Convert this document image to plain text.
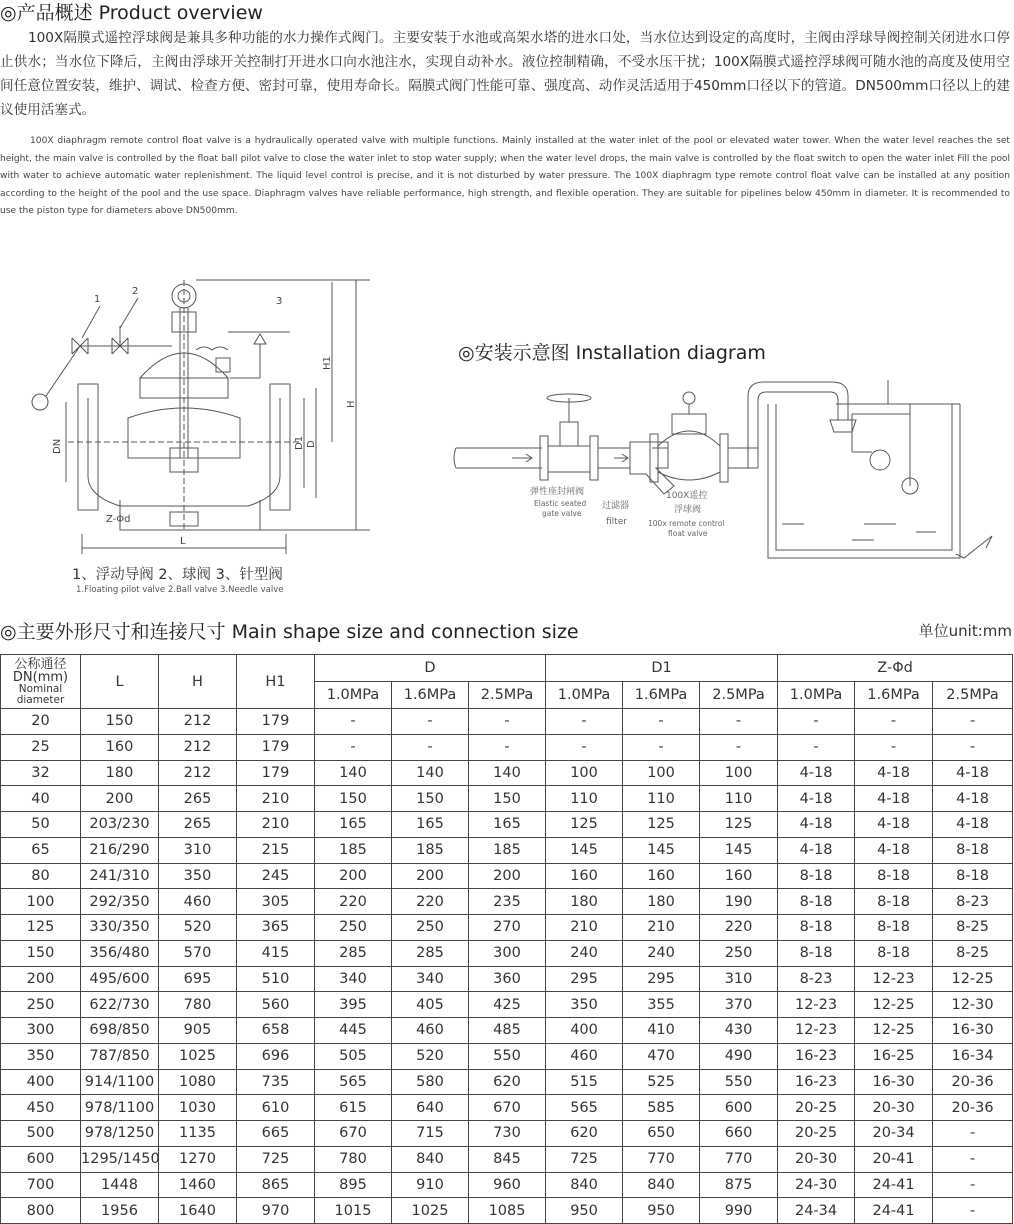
◎产品概述 Product overview
100X隔膜式遥控浮球阀是兼具多种功能的水力操作式阀门。主要安装于水池或高架水塔的进水口处，当水位达到设定的高度时，主阀由浮球导阀控制关闭进水口停止供水；当水位下降后，主阀由浮球开关控制打开进水口向水池注水，实现自动补水。液位控制精确，不受水压干扰；100X隔膜式遥控浮球阀可随水池的高度及使用空间任意位置安装，维护、调试、检查方便、密封可靠，使用寿命长。隔膜式阀门性能可靠、强度高、动作灵活适用于450mm口径以下的管道。DN500mm口径以上的建议使用活塞式。
100X diaphragm remote control float valve is a hydraulically operated valve with multiple functions. Mainly installed at the water inlet of the pool or elevated water tower. When the water level reaches the set height, the main valve is controlled by the float ball pilot valve to close the water inlet to stop water supply; when the water level drops, the main valve is controlled by the float switch to open the water inlet Fill the pool with water to achieve automatic water replenishment. The liquid level control is precise, and it is not disturbed by water pressure. The 100X diaphragm type remote control float valve can be installed at any position according to the height of the pool and the use space. Diaphragm valves have reliable performance, high strength, and flexible operation. They are suitable for pipelines below 450mm in diameter. It is recommended to use the piston type for diameters above DN500mm.
1
2
3
L
Z-Φd
DN	D
D1
H1
H
1、浮动导阀 2、球阀 3、针型阀
1.Floating pilot valve 2.Ball valve 3.Needle valve
◎安装示意图 Installation diagram
弹性座封闸阀
Elastic seated
gate valve
过滤器
filter
100X遥控
浮球阀
100x remote control
float valve
◎主要外形尺寸和连接尺寸 Main shape size and connection size	单位unit:mm
公称通径
DN(mm)
Nominal
diameter	L	H	H1	D			D1			Z-Φd		
				1.0MPa	1.6MPa	2.5MPa	1.0MPa	1.6MPa	2.5MPa	1.0MPa	1.6MPa	2.5MPa
20	150	212	179	-	-	-	-	-	-	-	-	-
25	160	212	179	-	-	-	-	-	-	-	-	-
32	180	212	179	140	140	140	100	100	100	4-18	4-18	4-18
40	200	265	210	150	150	150	110	110	110	4-18	4-18	4-18
50	203/230	265	210	165	165	165	125	125	125	4-18	4-18	4-18
65	216/290	310	215	185	185	185	145	145	145	4-18	4-18	8-18
80	241/310	350	245	200	200	200	160	160	160	8-18	8-18	8-18
100	292/350	460	305	220	220	235	180	180	190	8-18	8-18	8-23
125	330/350	520	365	250	250	270	210	210	220	8-18	8-18	8-25
150	356/480	570	415	285	285	300	240	240	250	8-18	8-18	8-25
200	495/600	695	510	340	340	360	295	295	310	8-23	12-23	12-25
250	622/730	780	560	395	405	425	350	355	370	12-23	12-25	12-30
300	698/850	905	658	445	460	485	400	410	430	12-23	12-25	16-30
350	787/850	1025	696	505	520	550	460	470	490	16-23	16-25	16-34
400	914/1100	1080	735	565	580	620	515	525	550	16-23	16-30	20-36
450	978/1100	1030	610	615	640	670	565	585	600	20-25	20-30	20-36
500	978/1250	1135	665	670	715	730	620	650	660	20-25	20-34	-
600	1295/1450	1270	725	780	840	845	725	770	770	20-30	20-41	-
700	1448	1460	865	895	910	960	840	840	875	24-30	24-41	-
800	1956	1640	970	1015	1025	1085	950	950	990	24-34	24-41	-
